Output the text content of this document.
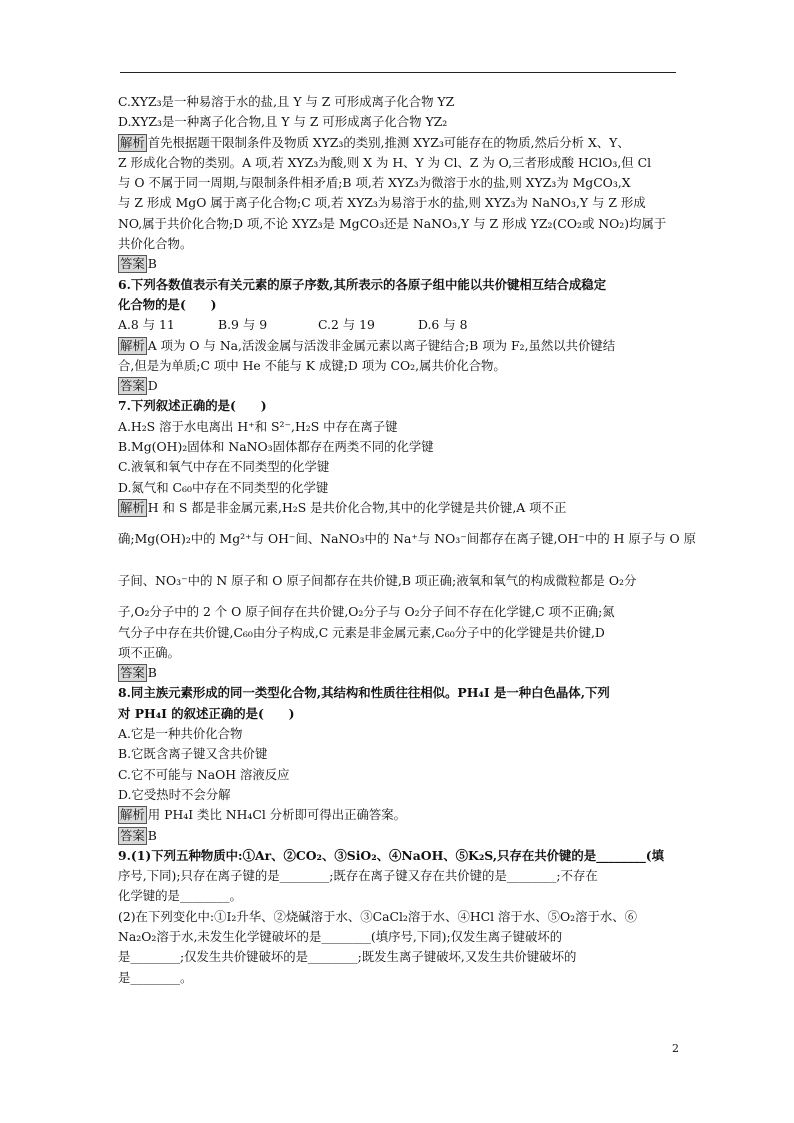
C.XYZ₃是一种易溶于水的盐,且 Y 与 Z 可形成离子化合物 YZ
D.XYZ₃是一种离子化合物,且 Y 与 Z 可形成离子化合物 YZ₂
解析 首先根据题干限制条件及物质 XYZ₃的类别,推测 XYZ₃可能存在的物质,然后分析 X、Y、
Z 形成化合物的类别。A 项,若 XYZ₃为酸,则 X 为 H、Y 为 Cl、Z 为 O,三者形成酸 HClO₃,但 Cl
与 O 不属于同一周期,与限制条件相矛盾;B 项,若 XYZ₃为微溶于水的盐,则 XYZ₃为 MgCO₃,X
与 Z 形成 MgO 属于离子化合物;C 项,若 XYZ₃为易溶于水的盐,则 XYZ₃为 NaNO₃,Y 与 Z 形成
NO,属于共价化合物;D 项,不论 XYZ₃是 MgCO₃还是 NaNO₃,Y 与 Z 形成 YZ₂(CO₂或 NO₂)均属于
共价化合物。
答案 B
6.下列各数值表示有关元素的原子序数,其所表示的各原子组中能以共价键相互结合成稳定
化合物的是(　　)
A.8 与 11	B.9 与 9	C.2 与 19	D.6 与 8
解析 A 项为 O 与 Na,活泼金属与活泼非金属元素以离子键结合;B 项为 F₂,虽然以共价键结
合,但是为单质;C 项中 He 不能与 K 成键;D 项为 CO₂,属共价化合物。
答案 D
7.下列叙述正确的是(　　)
A.H₂S 溶于水电离出 H⁺和 S²⁻,H₂S 中存在离子键
B.Mg(OH)₂固体和 NaNO₃固体都存在两类不同的化学键
C.液氧和氧气中存在不同类型的化学键
D.氮气和 C₆₀中存在不同类型的化学键
解析 H 和 S 都是非金属元素,H₂S 是共价化合物,其中的化学键是共价键,A 项不正
确;Mg(OH)₂中的 Mg²⁺与 OH⁻间、NaNO₃中的 Na⁺与 NO₃⁻间都存在离子键,OH⁻中的 H 原子与 O 原
子间、NO₃⁻中的 N 原子和 O 原子间都存在共价键,B 项正确;液氧和氧气的构成微粒都是 O₂分
子,O₂分子中的 2 个 O 原子间存在共价键,O₂分子与 O₂分子间不存在化学键,C 项不正确;氮
气分子中存在共价键,C₆₀由分子构成,C 元素是非金属元素,C₆₀分子中的化学键是共价键,D
项不正确。
答案 B
8.同主族元素形成的同一类型化合物,其结构和性质往往相似。PH₄I 是一种白色晶体,下列
对 PH₄I 的叙述正确的是(　　)
A.它是一种共价化合物
B.它既含离子键又含共价键
C.它不可能与 NaOH 溶液反应
D.它受热时不会分解
解析 用 PH₄I 类比 NH₄Cl 分析即可得出正确答案。
答案 B
9.(1)下列五种物质中:①Ar、②CO₂、③SiO₂、④NaOH、⑤K₂S,只存在共价键的是________(填
序号,下同);只存在离子键的是________;既存在离子键又存在共价键的是________;不存在
化学键的是________。
(2)在下列变化中:①I₂升华、②烧碱溶于水、③CaCl₂溶于水、④HCl 溶于水、⑤O₂溶于水、⑥
Na₂O₂溶于水,未发生化学键破坏的是________(填序号,下同);仅发生离子键破坏的
是________;仅发生共价键破坏的是________;既发生离子键破坏,又发生共价键破坏的
是________。
2
